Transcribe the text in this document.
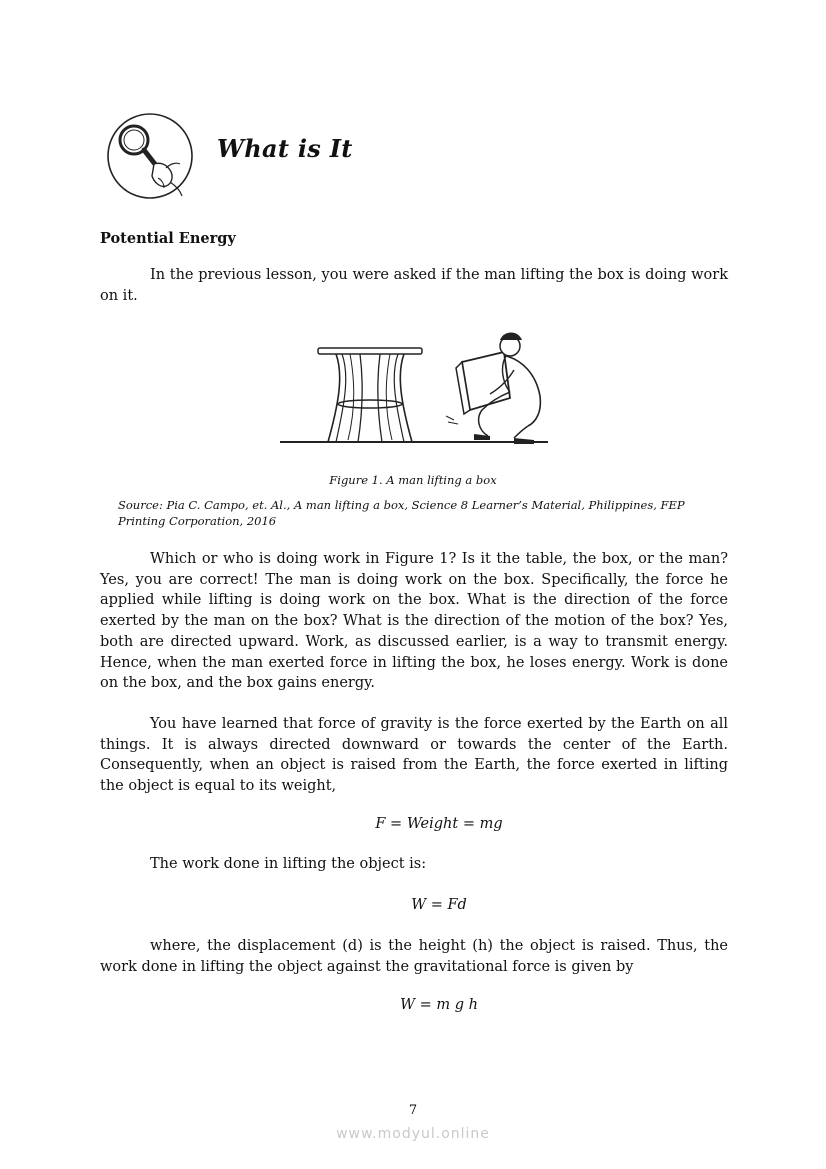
What is It
Potential Energy

In the previous lesson, you were asked if the man lifting the box is doing work on it.

Figure 1. A man lifting a box
Source: Pia C. Campo, et. Al., A man lifting a box, Science 8 Learner’s Material, Philippines, FEP Printing Corporation, 2016

Which or who is doing work in Figure 1? Is it the table, the box, or the man? Yes, you are correct! The man is doing work on the box. Specifically, the force he applied while lifting is doing work on the box. What is the direction of the force exerted by the man on the box? What is the direction of the motion of the box? Yes, both are directed upward. Work, as discussed earlier, is a way to transmit energy. Hence, when the man exerted force in lifting the box, he loses energy. Work is done on the box, and the box gains energy.

You have learned that force of gravity is the force exerted by the Earth on all things. It is always directed downward or towards the center of the Earth. Consequently, when an object is raised from the Earth, the force exerted in lifting the object is equal to its weight,

F = Weight = mg
The work done in lifting the object is:
W = Fd

where, the displacement (d) is the height (h) the object is raised. Thus, the work done in lifting the object against the gravitational force is given by

W = m g h
7
www.modyul.online
